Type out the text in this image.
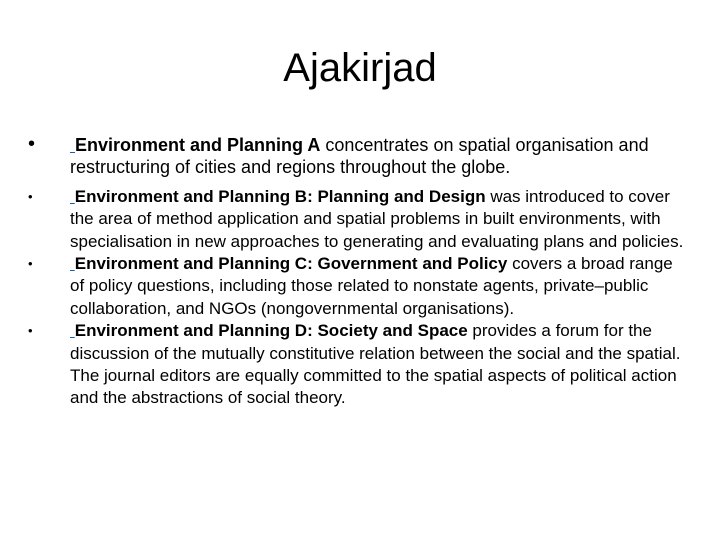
Ajakirjad
•	Environment and Planning A concentrates on spatial organisation and restructuring of cities and regions throughout the globe.
•	Environment and Planning B: Planning and Design was introduced to cover the area of method application and spatial problems in built environments, with specialisation in new approaches to generating and evaluating plans and policies.
•	Environment and Planning C: Government and Policy covers a broad range of policy questions, including those related to nonstate agents, private–public collaboration, and NGOs (nongovernmental organisations).
•	Environment and Planning D: Society and Space provides a forum for the discussion of the mutually constitutive relation between the social and the spatial. The journal editors are equally committed to the spatial aspects of political action and the abstractions of social theory.
